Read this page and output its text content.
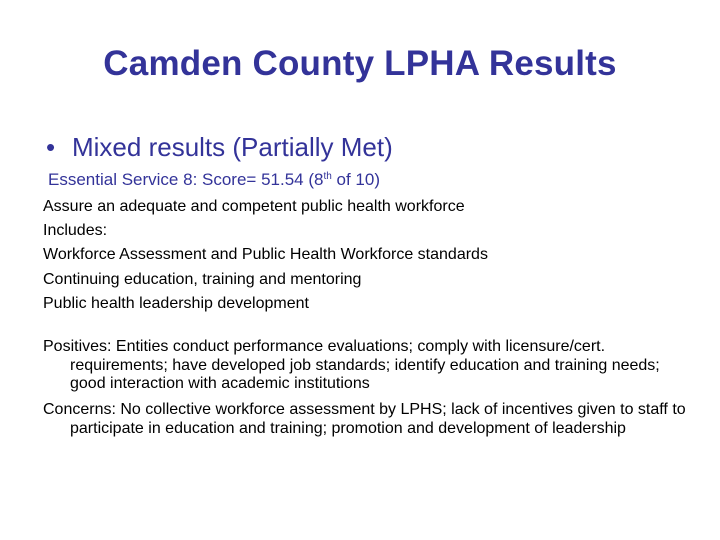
Camden County LPHA Results
• Mixed results (Partially Met)
Essential Service 8: Score= 51.54 (8th of 10)
Assure an adequate and competent public health workforce
Includes:
Workforce Assessment and Public Health Workforce standards
Continuing education, training and mentoring
Public health leadership development

Positives: Entities conduct performance evaluations; comply with licensure/cert. requirements; have developed job standards; identify education and training needs; good interaction with academic institutions

Concerns: No collective workforce assessment by LPHS; lack of incentives given to staff to participate in education and training; promotion and development of leadership
